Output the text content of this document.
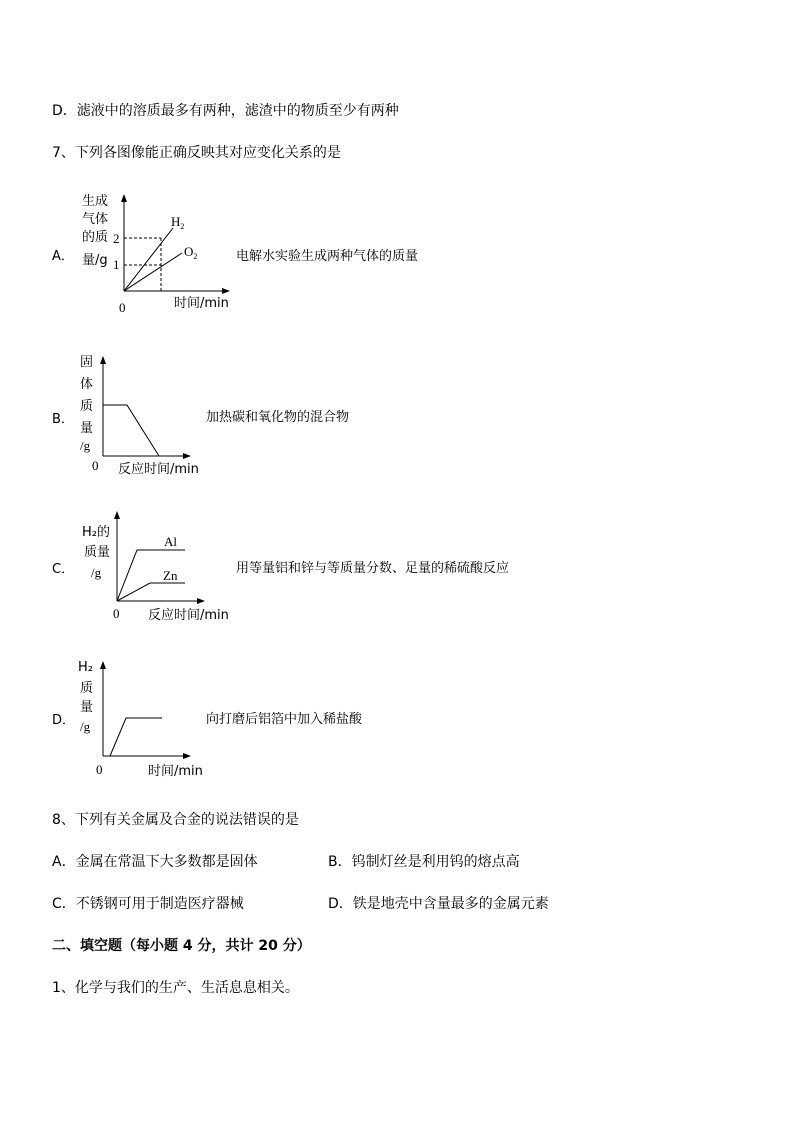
D．滤液中的溶质最多有两种，滤渣中的物质至少有两种
7、下列各图像能正确反映其对应变化关系的是
A．
生成
气体
的质
量/g
2
1
$H_2$
$O_2$
0	时间/min
电解水实验生成两种气体的质量
B．
固
体
质
量
/g
0 反应时间/min
加热碳和氧化物的混合物
C．
H₂的
质量
/g
Al
Zn
0 反应时间/min
用等量铝和锌与等质量分数、足量的稀硫酸反应
D．
H₂
质
量
/g
0	时间/min
向打磨后铝箔中加入稀盐酸
8、下列有关金属及合金的说法错误的是
A．金属在常温下大多数都是固体	B．钨制灯丝是利用钨的熔点高
C．不锈钢可用于制造医疗器械	D．铁是地壳中含量最多的金属元素
二、填空题（每小题 4 分，共计 20 分）
1、化学与我们的生产、生活息息相关。
